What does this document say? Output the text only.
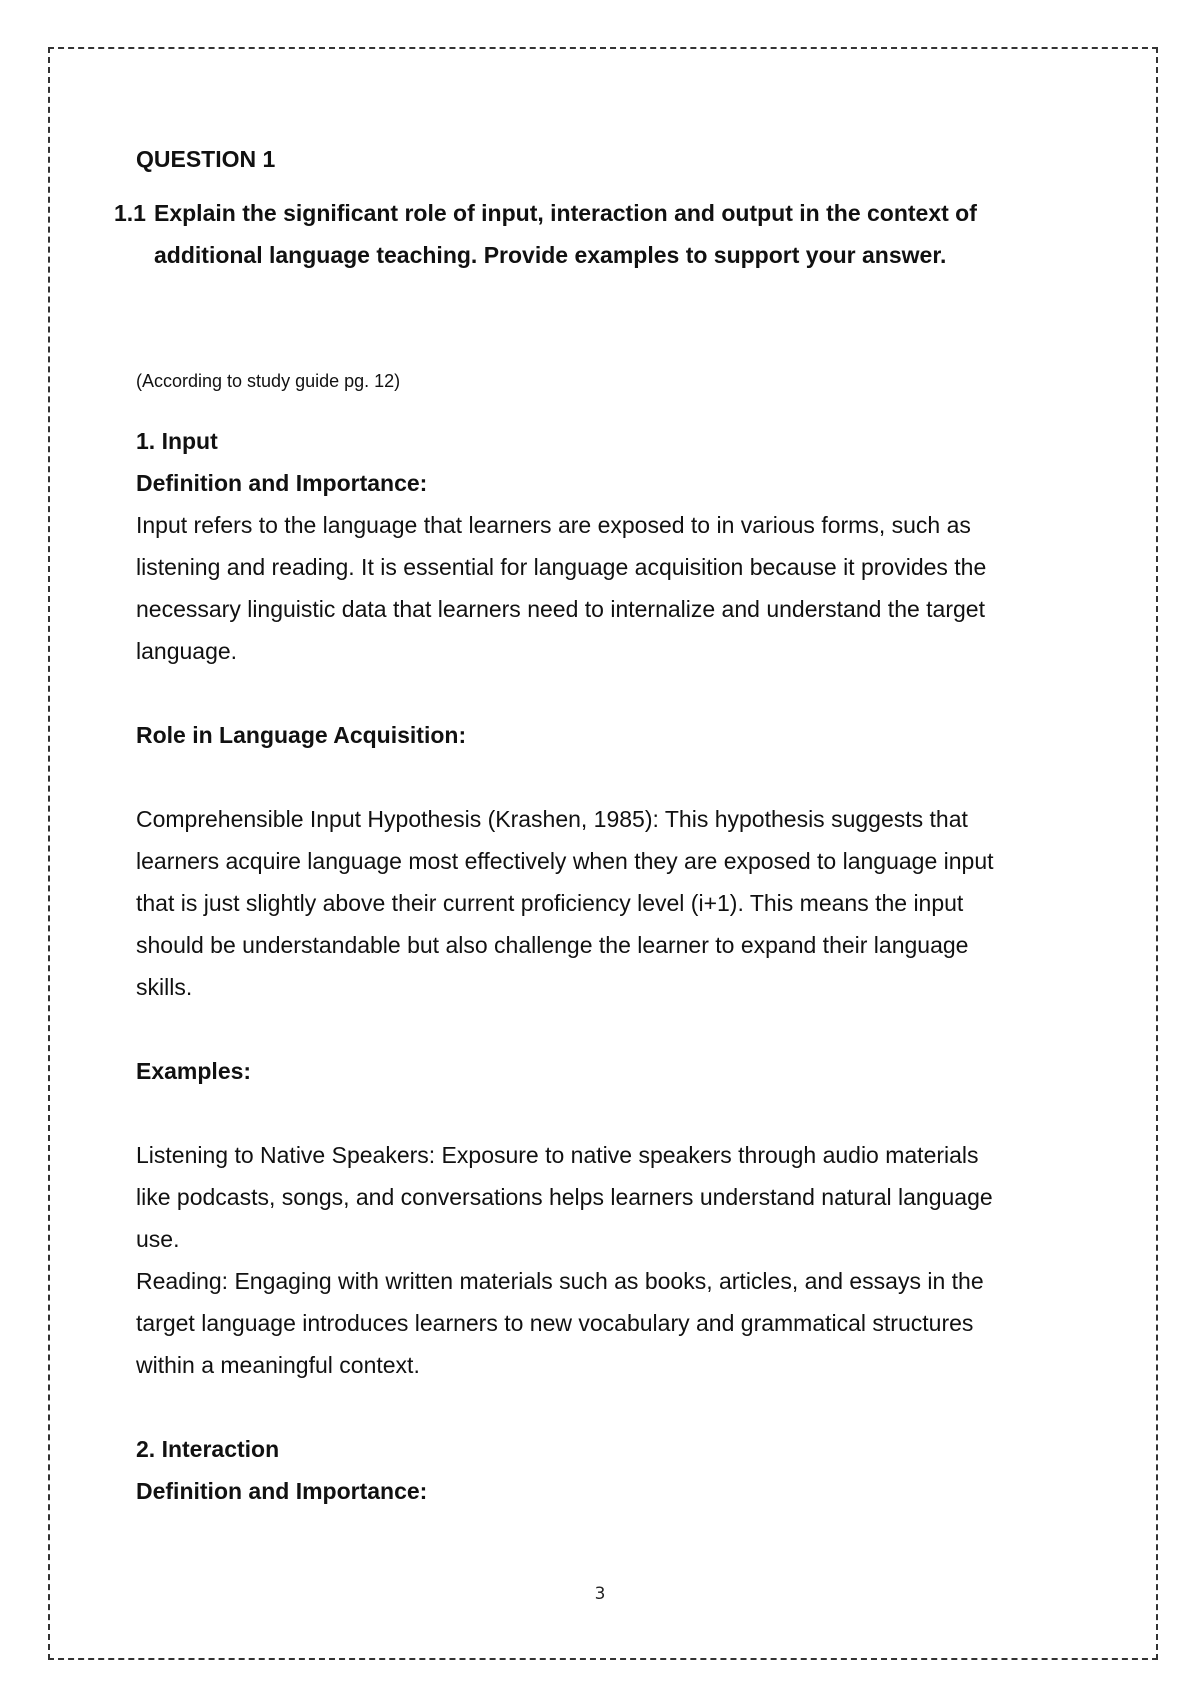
QUESTION 1

1.1 Explain the significant role of input, interaction and output in the context of additional language teaching. Provide examples to support your answer.

(According to study guide pg. 12)

1. Input

Definition and Importance:

Input refers to the language that learners are exposed to in various forms, such as listening and reading. It is essential for language acquisition because it provides the necessary linguistic data that learners need to internalize and understand the target language.

Role in Language Acquisition:

Comprehensible Input Hypothesis (Krashen, 1985): This hypothesis suggests that learners acquire language most effectively when they are exposed to language input that is just slightly above their current proficiency level (i+1). This means the input should be understandable but also challenge the learner to expand their language skills.

Examples:

Listening to Native Speakers: Exposure to native speakers through audio materials like podcasts, songs, and conversations helps learners understand natural language use.

Reading: Engaging with written materials such as books, articles, and essays in the target language introduces learners to new vocabulary and grammatical structures within a meaningful context.

2. Interaction

Definition and Importance:

3
